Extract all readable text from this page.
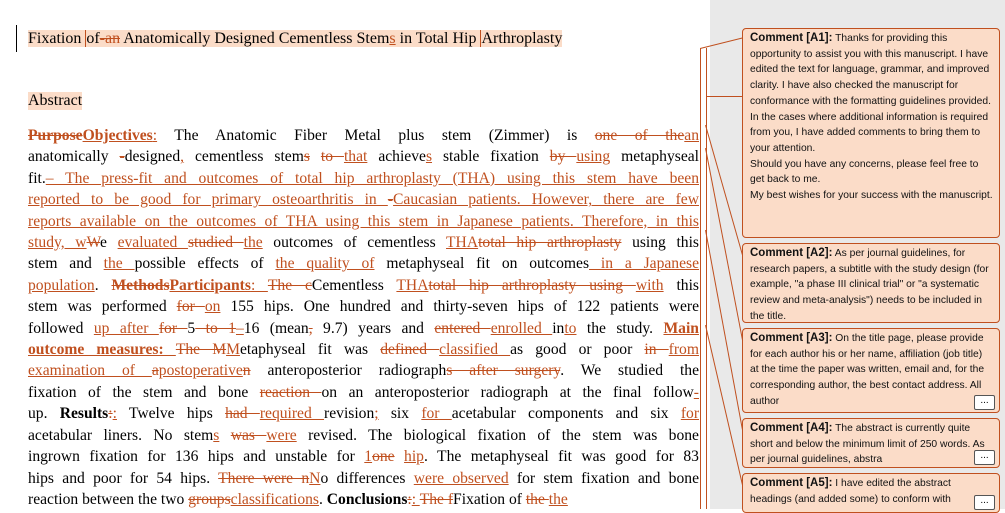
Fixation of-an Anatomically Designed Cementless Stems in Total Hip Arthroplasty
Abstract
PurposeObjectives: The Anatomic Fiber Metal plus stem (Zimmer) is one of thean
anatomically -designed, cementless stems to that achieves stable fixation by using metaphyseal
fit.– The press-fit and outcomes of total hip arthroplasty (THA) using this stem have been
reported to be good for primary osteoarthritis in -Caucasian patients. However, there are few
reports available on the outcomes of THA using this stem in Japanese patients. Therefore, in this
study, wWe evaluated studied the outcomes of cementless THAtotal hip arthroplasty using this
stem and the possible effects of the quality of metaphyseal fit on outcomes in a Japanese
population. MethodsParticipants: The cCementless THAtotal hip arthroplasty using with this
stem was performed for on 155 hips. One hundred and thirty-seven hips of 122 patients were
followed up after for 5 to 1–16 (mean, 9.7) years and entered enrolled into the study. Main
outcome measures: The MMetaphyseal fit was defined classified as good or poor in from
examination of apostoperativen anteroposterior radiographs after surgery. We studied the
fixation of the stem and bone reaction on an anteroposterior radiograph at the final follow-
up. Results:: Twelve hips had required revision; six for acetabular components and six for
acetabular liners. No stems was were revised. The biological fixation of the stem was bone
ingrown fixation for 136 hips and unstable for 1one hip. The metaphyseal fit was good for 83
hips and poor for 54 hips. There were nNo differences were observed for stem fixation and bone
reaction between the two groupsclassifications. Conclusions:: The fFixation of the the
Comment [A1]: Thanks for providing this opportunity to assist you with this manuscript. I have edited the text for language, grammar, and improved clarity. I have also checked the manuscript for conformance with the formatting guidelines provided. In the cases where additional information is required from you, I have added comments to bring them to your attention.
Should you have any concerns, please feel free to get back to me.
My best wishes for your success with the manuscript.
Comment [A2]: As per journal guidelines, for research papers, a subtitle with the study design (for example, "a phase III clinical trial" or "a systematic review and meta-analysis") needs to be included in the title.
Comment [A3]: On the title page, please provide for each author his or her name, affiliation (job title) at the time the paper was written, email and, for the corresponding author, the best contact address. All author	...
Comment [A4]: The abstract is currently quite short and below the minimum limit of 250 words. As per journal guidelines, abstra	...
Comment [A5]: I have edited the abstract headings (and added some) to conform with	...
